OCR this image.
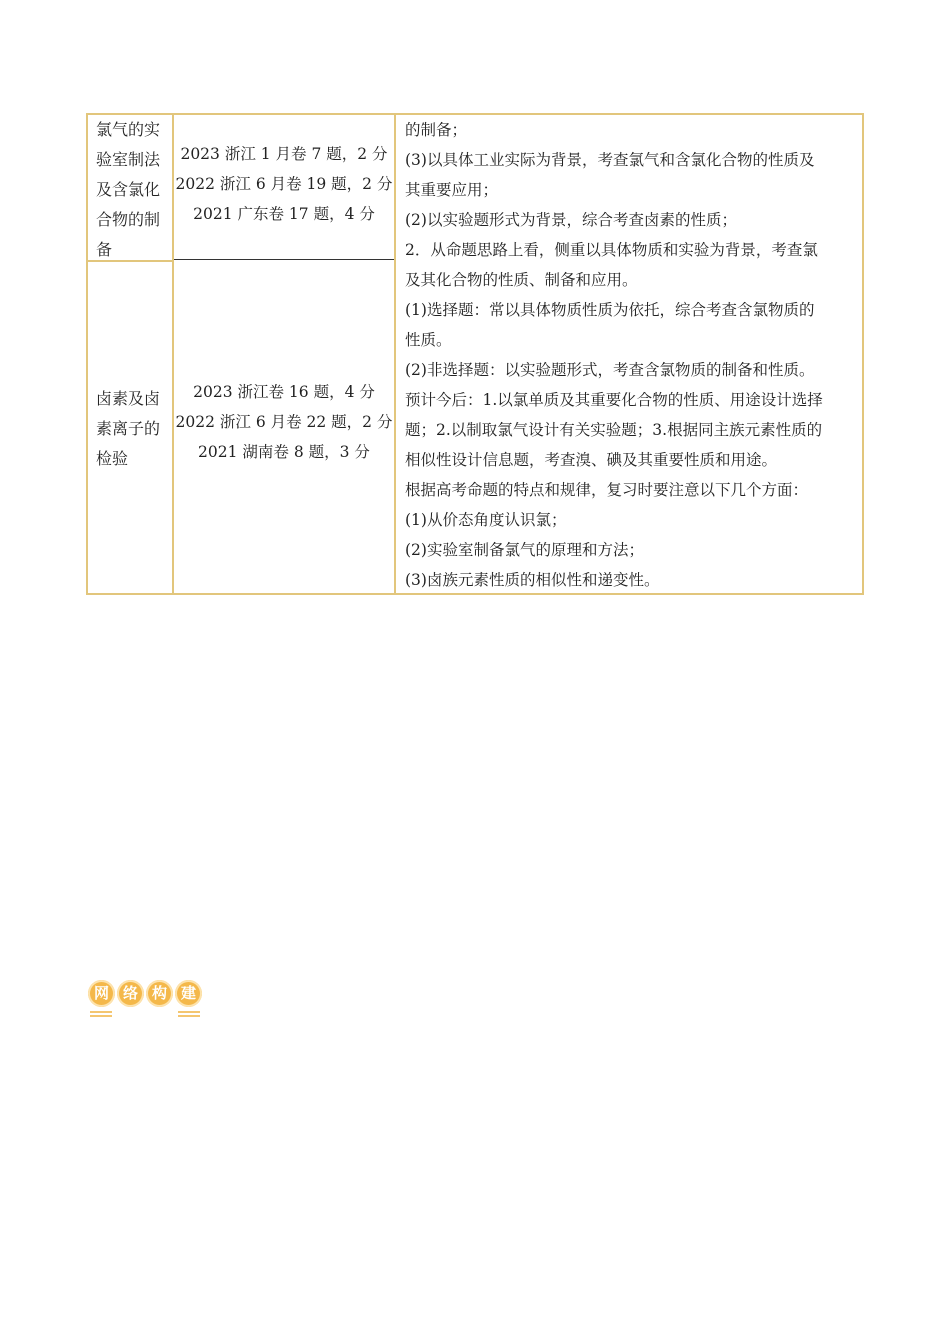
氯气的实
验室制法
及含氯化
合物的制
备
卤素及卤
素离子的
检验
2023 浙江 1 月卷 7 题，2 分
2022 浙江 6 月卷 19 题，2 分
2021 广东卷 17 题，4 分
2023 浙江卷 16 题，4 分
2022 浙江 6 月卷 22 题，2 分
2021 湖南卷 8 题，3 分
的制备；
(3)以具体工业实际为背景，考查氯气和含氯化合物的性质及
其重要应用；
(2)以实验题形式为背景，综合考查卤素的性质；
2．从命题思路上看，侧重以具体物质和实验为背景，考查氯
及其化合物的性质、制备和应用。
(1)选择题：常以具体物质性质为依托，综合考查含氯物质的
性质。
(2)非选择题：以实验题形式，考查含氯物质的制备和性质。
预计今后：1.以氯单质及其重要化合物的性质、用途设计选择
题；2.以制取氯气设计有关实验题；3.根据同主族元素性质的
相似性设计信息题，考查溴、碘及其重要性质和用途。
根据高考命题的特点和规律，复习时要注意以下几个方面：
(1)从价态角度认识氯；
(2)实验室制备氯气的原理和方法；
(3)卤族元素性质的相似性和递变性。
网 络 构 建
